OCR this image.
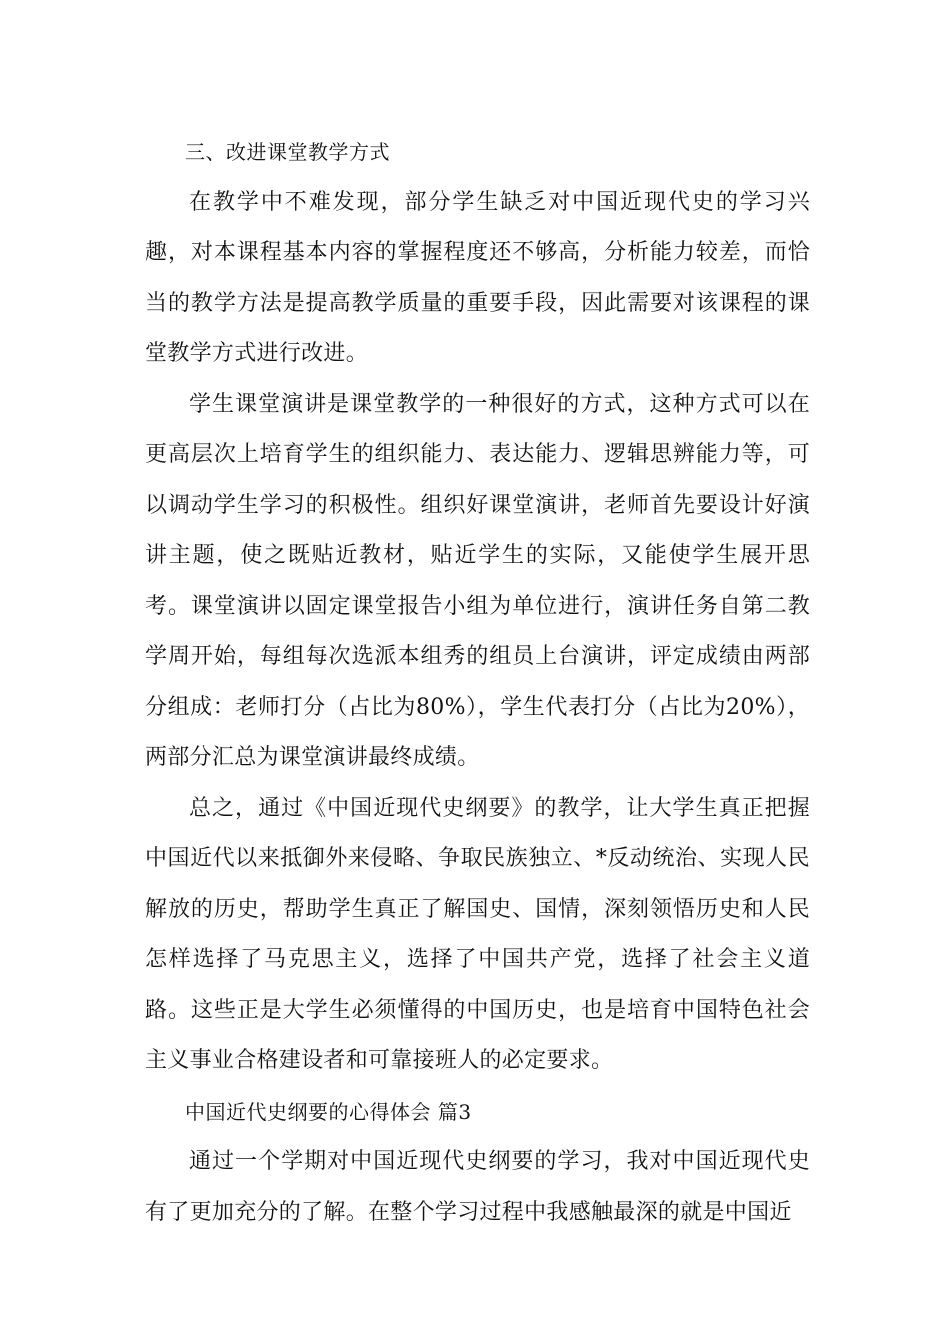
三、改进课堂教学方式

在教学中不难发现，部分学生缺乏对中国近现代史的学习兴趣，对本课程基本内容的掌握程度还不够高，分析能力较差，而恰当的教学方法是提高教学质量的重要手段，因此需要对该课程的课堂教学方式进行改进。

学生课堂演讲是课堂教学的一种很好的方式，这种方式可以在更高层次上培育学生的组织能力、表达能力、逻辑思辨能力等，可以调动学生学习的积极性。组织好课堂演讲，老师首先要设计好演讲主题，使之既贴近教材，贴近学生的实际，又能使学生展开思考。课堂演讲以固定课堂报告小组为单位进行，演讲任务自第二教学周开始，每组每次选派本组秀的组员上台演讲，评定成绩由两部分组成：老师打分（占比为80%），学生代表打分（占比为20%），两部分汇总为课堂演讲最终成绩。

总之，通过《中国近现代史纲要》的教学，让大学生真正把握中国近代以来抵御外来侵略、争取民族独立、*反动统治、实现人民解放的历史，帮助学生真正了解国史、国情，深刻领悟历史和人民怎样选择了马克思主义，选择了中国共产党，选择了社会主义道路。这些正是大学生必须懂得的中国历史，也是培育中国特色社会主义事业合格建设者和可靠接班人的必定要求。

中国近代史纲要的心得体会 篇3

通过一个学期对中国近现代史纲要的学习，我对中国近现代史有了更加充分的了解。在整个学习过程中我感触最深的就是中国近
